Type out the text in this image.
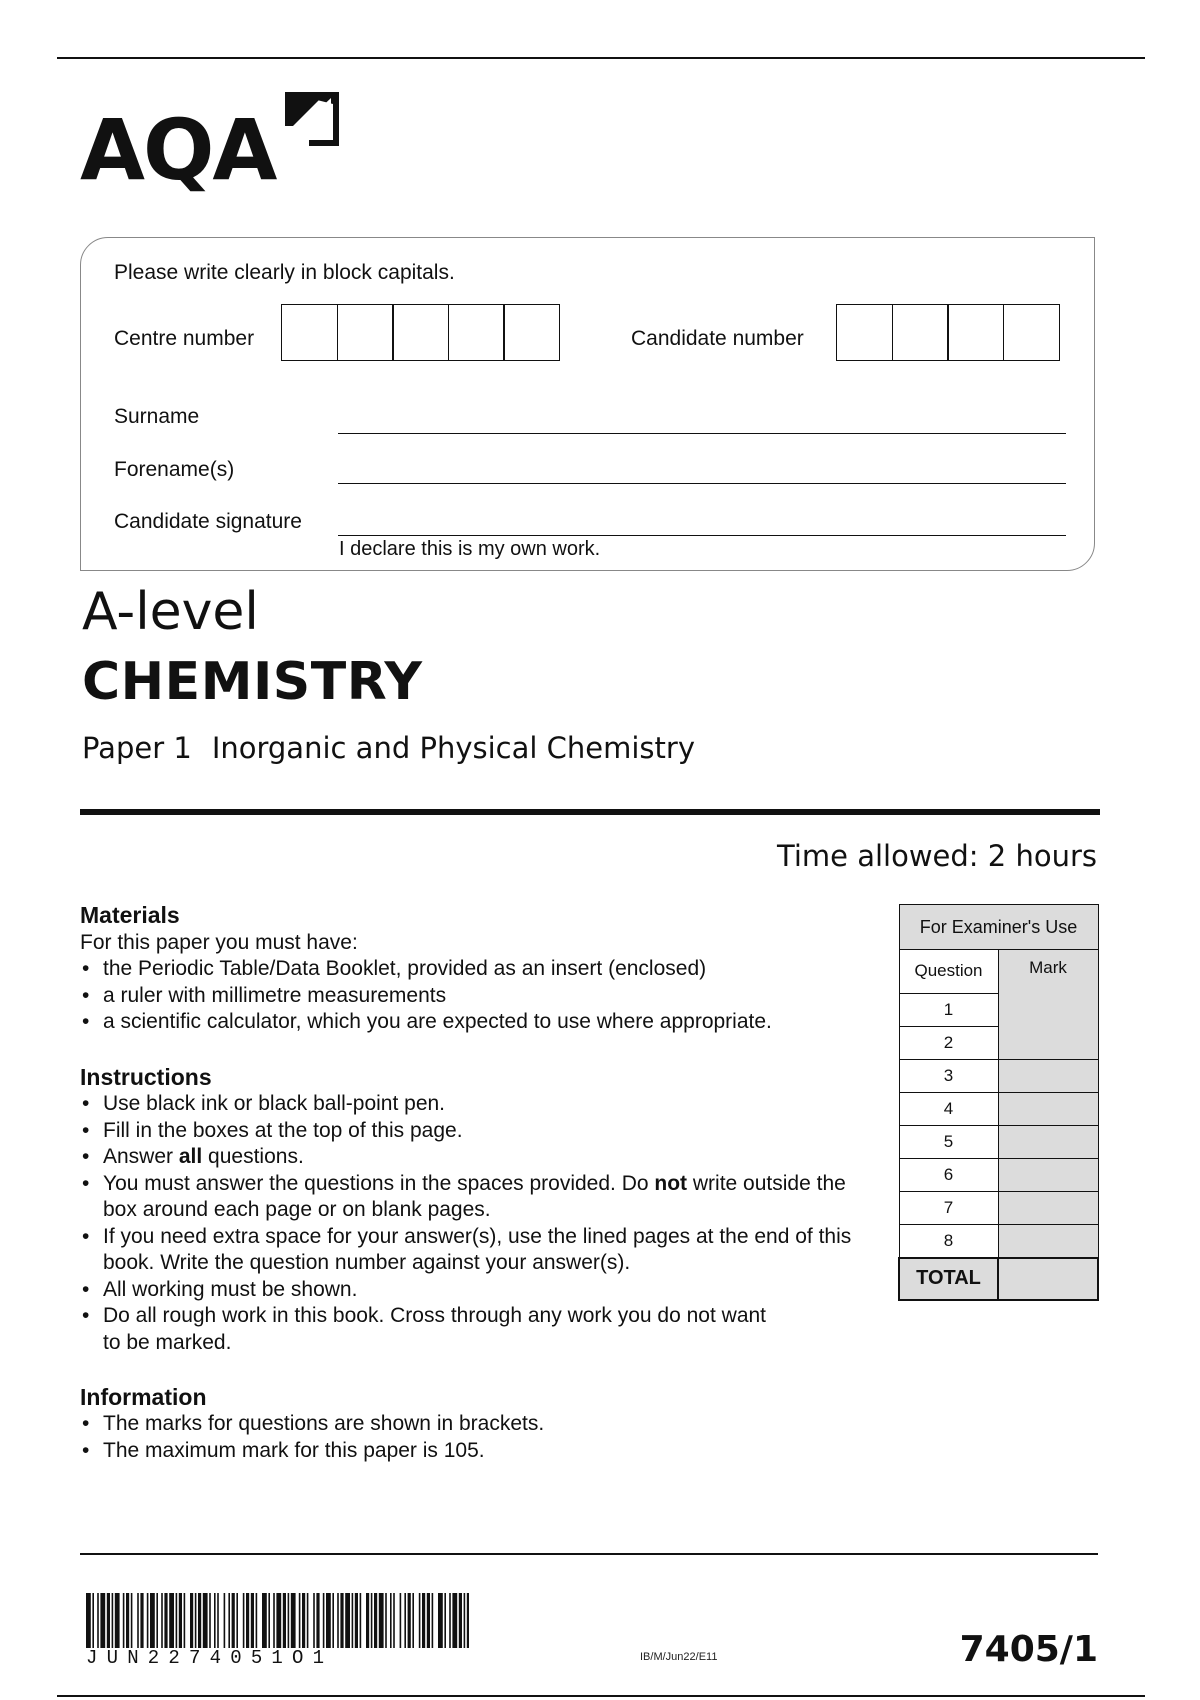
AQA
Please write clearly in block capitals.
Centre number	Candidate number
Surname
Forename(s)
Candidate signature
I declare this is my own work.
A-level
CHEMISTRY
Paper 1 Inorganic and Physical Chemistry
Time allowed: 2 hours
Materials
For this paper you must have:
• the Periodic Table/Data Booklet, provided as an insert (enclosed)
• a ruler with millimetre measurements
• a scientific calculator, which you are expected to use where appropriate.
Instructions
• Use black ink or black ball-point pen.
• Fill in the boxes at the top of this page.
• Answer all questions.
• You must answer the questions in the spaces provided. Do not write outside the box around each page or on blank pages.
• If you need extra space for your answer(s), use the lined pages at the end of this book. Write the question number against your answer(s).
• All working must be shown.
• Do all rough work in this book. Cross through any work you do not want to be marked.
Information
• The marks for questions are shown in brackets.
• The maximum mark for this paper is 105.
For Examiner's Use	
Question	Mark
1	
2	
3	
4	
5	
6	
7	
8	
TOTAL	
JUN2274051O1	IB/M/Jun22/E11	7405/1
